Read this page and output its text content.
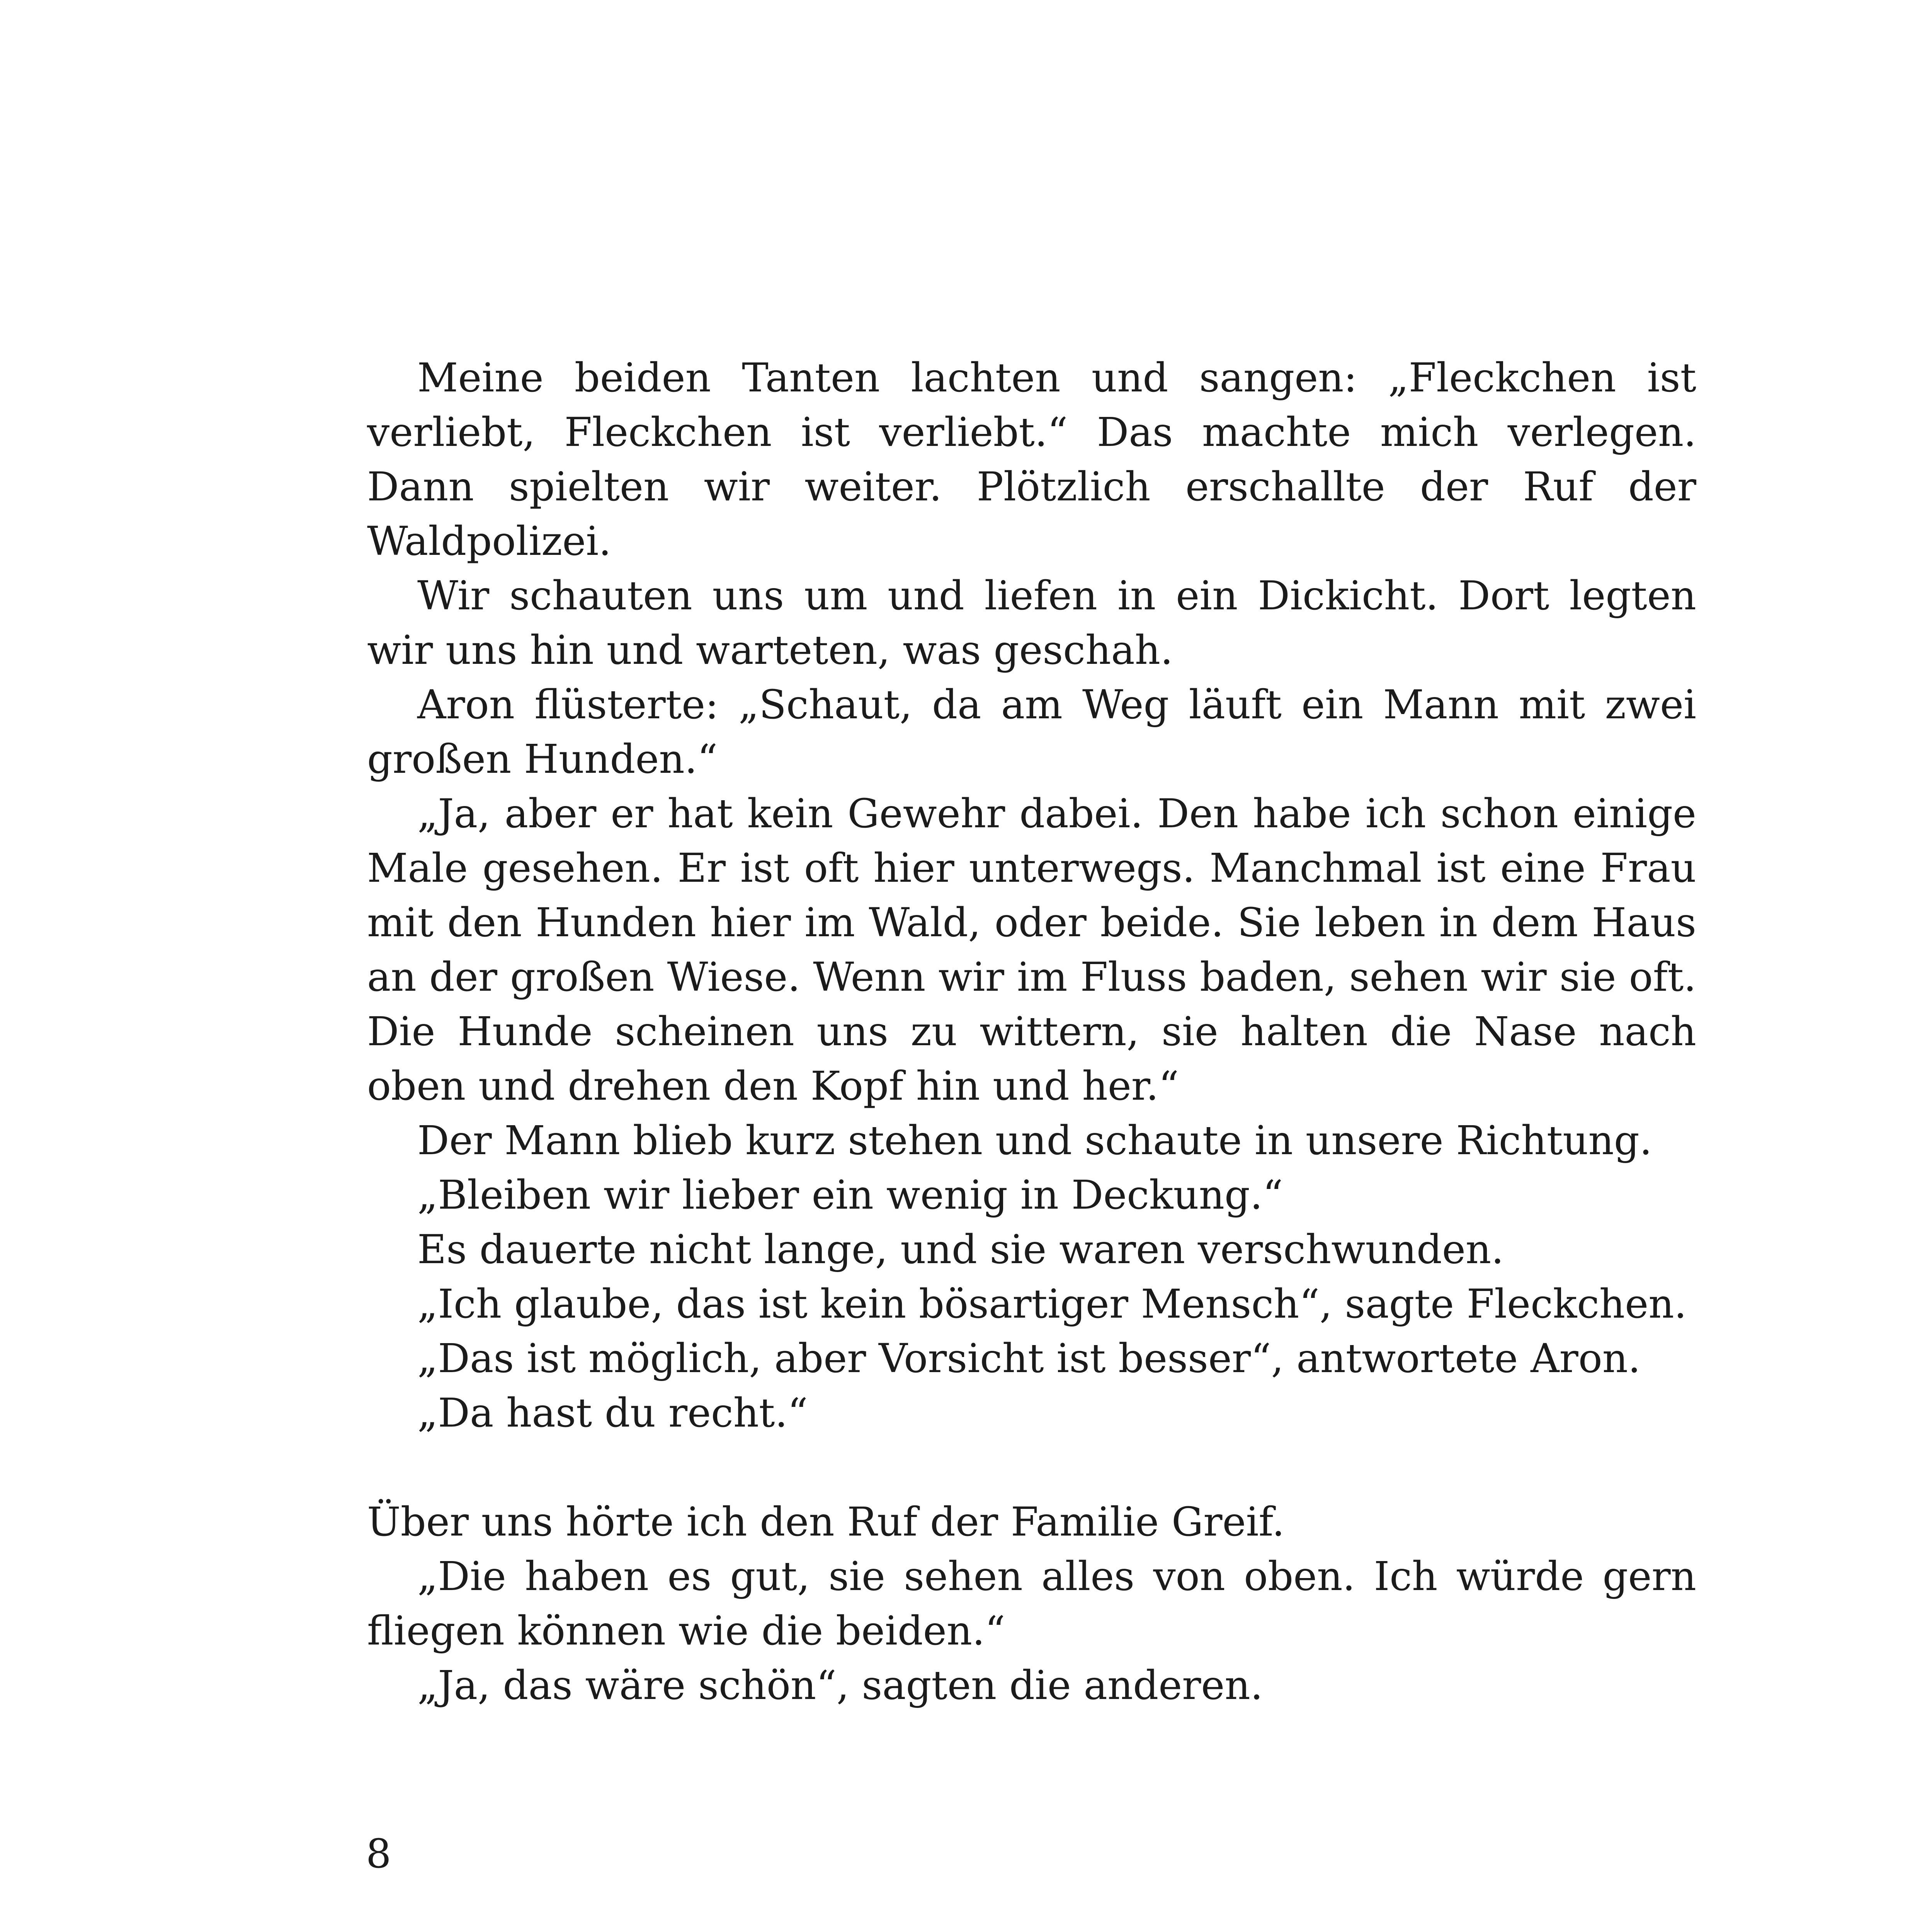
Meine beiden Tanten lachten und sangen: „Fleckchen ist verliebt, Fleckchen ist verliebt.“ Das machte mich verlegen. Dann spielten wir weiter. Plötzlich erschallte der Ruf der Waldpolizei.

Wir schauten uns um und liefen in ein Dickicht. Dort legten wir uns hin und warteten, was geschah.

Aron flüsterte: „Schaut, da am Weg läuft ein Mann mit zwei großen Hunden.“

„Ja, aber er hat kein Gewehr dabei. Den habe ich schon einige Male gesehen. Er ist oft hier unterwegs. Manchmal ist eine Frau mit den Hunden hier im Wald, oder beide. Sie leben in dem Haus an der großen Wiese. Wenn wir im Fluss baden, sehen wir sie oft. Die Hunde scheinen uns zu wittern, sie halten die Nase nach oben und drehen den Kopf hin und her.“

Der Mann blieb kurz stehen und schaute in unsere Richtung.

„Bleiben wir lieber ein wenig in Deckung.“

Es dauerte nicht lange, und sie waren verschwunden.

„Ich glaube, das ist kein bösartiger Mensch“, sagte Fleckchen.

„Das ist möglich, aber Vorsicht ist besser“, antwortete Aron.

„Da hast du recht.“

Über uns hörte ich den Ruf der Familie Greif.

„Die haben es gut, sie sehen alles von oben. Ich würde gern fliegen können wie die beiden.“

„Ja, das wäre schön“, sagten die anderen.

8
